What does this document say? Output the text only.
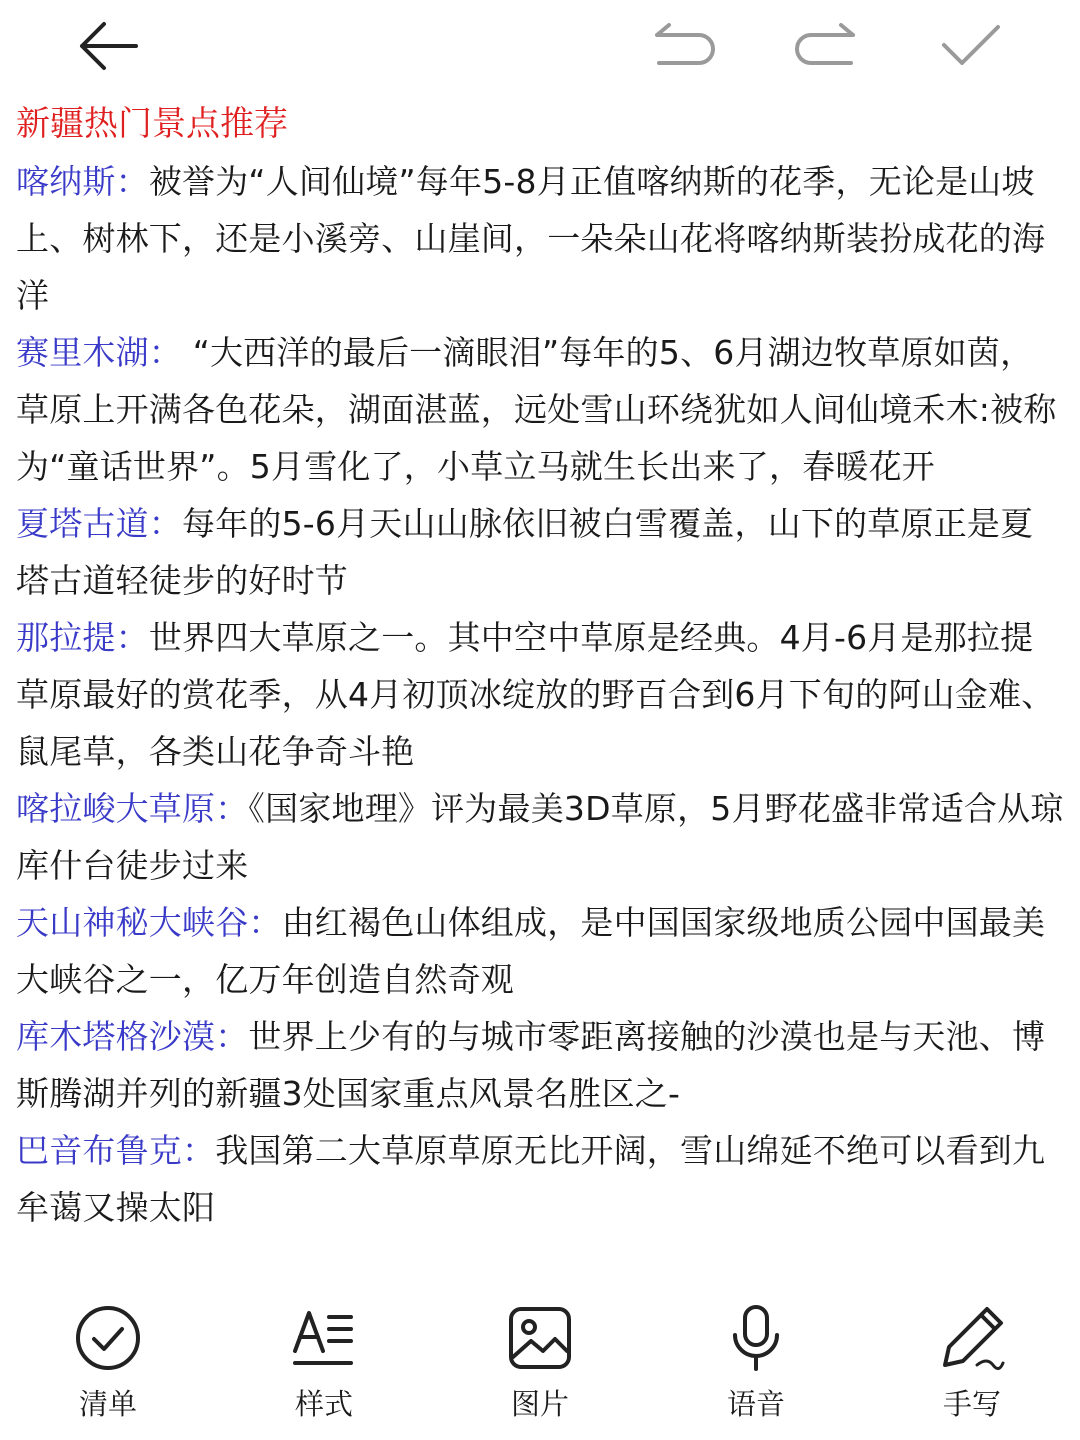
新疆热门景点推荐

喀纳斯：被誉为“人间仙境”每年5-8月正值喀纳斯的花季，无论是山坡上、树林下，还是小溪旁、山崖间，一朵朵山花将喀纳斯装扮成花的海洋

赛里木湖： “大西洋的最后一滴眼泪”每年的5、6月湖边牧草原如茵，草原上开满各色花朵，湖面湛蓝，远处雪山环绕犹如人间仙境禾木:被称为“童话世界”。5月雪化了，小草立马就生长出来了，春暖花开

夏塔古道：每年的5-6月天山山脉依旧被白雪覆盖，山下的草原正是夏塔古道轻徒步的好时节

那拉提：世界四大草原之一。其中空中草原是经典。4月-6月是那拉提草原最好的赏花季，从4月初顶冰绽放的野百合到6月下旬的阿山金难、鼠尾草，各类山花争奇斗艳

喀拉峻大草原：《国家地理》评为最美3D草原，5月野花盛非常适合从琼库什台徒步过来

天山神秘大峡谷：由红褐色山体组成，是中国国家级地质公园中国最美大峡谷之一，亿万年创造自然奇观

库木塔格沙漠：世界上少有的与城市零距离接触的沙漠也是与天池、博斯腾湖并列的新疆3处国家重点风景名胜区之-

巴音布鲁克：我国第二大草原草原无比开阔，雪山绵延不绝可以看到九牟蔼又操太阳

清单	样式	图片	语音	手写
